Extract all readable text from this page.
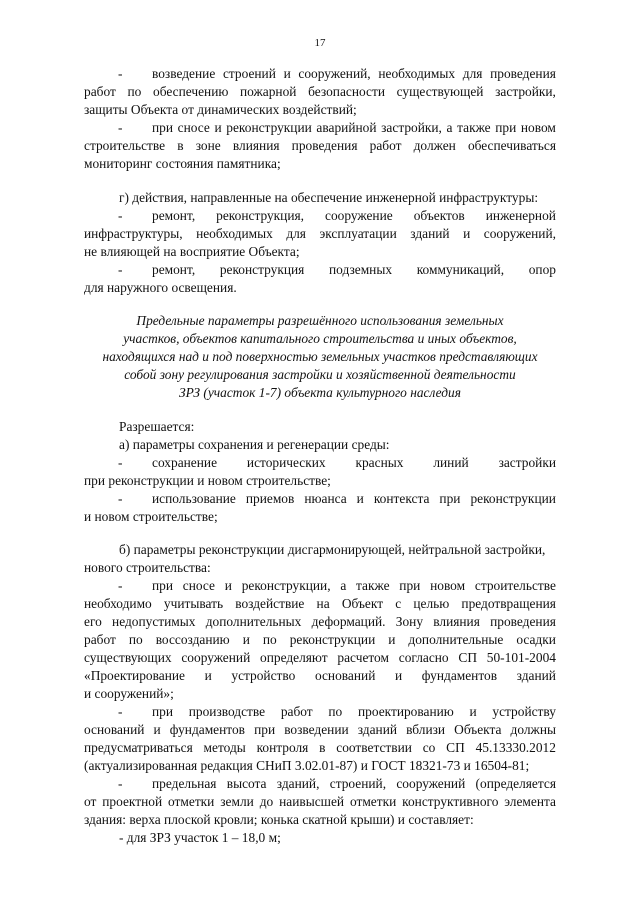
17
- возведение строений и сооружений, необходимых для проведения
работ по обеспечению пожарной безопасности существующей застройки,
защиты Объекта от динамических воздействий;
- при сносе и реконструкции аварийной застройки, а также при новом
строительстве в зоне влияния проведения работ должен обеспечиваться
мониторинг состояния памятника;
г) действия, направленные на обеспечение инженерной инфраструктуры:
- ремонт, реконструкция, сооружение объектов инженерной
инфраструктуры, необходимых для эксплуатации зданий и сооружений,
не влияющей на восприятие Объекта;
- ремонт, реконструкция подземных коммуникаций, опор
для наружного освещения.
Предельные параметры разрешённого использования земельных
участков, объектов капитального строительства и иных объектов,
находящихся над и под поверхностью земельных участков представляющих
собой зону регулирования застройки и хозяйственной деятельности
ЗРЗ (участок 1-7) объекта культурного наследия
Разрешается:
а) параметры сохранения и регенерации среды:
- сохранение исторических красных линий застройки
при реконструкции и новом строительстве;
- использование приемов нюанса и контекста при реконструкции
и новом строительстве;
б) параметры реконструкции дисгармонирующей, нейтральной застройки,
нового строительства:
- при сносе и реконструкции, а также при новом строительстве
необходимо учитывать воздействие на Объект с целью предотвращения
его недопустимых дополнительных деформаций. Зону влияния проведения
работ по воссозданию и по реконструкции и дополнительные осадки
существующих сооружений определяют расчетом согласно СП 50-101-2004
«Проектирование и устройство оснований и фундаментов зданий
и сооружений»;
- при производстве работ по проектированию и устройству
оснований и фундаментов при возведении зданий вблизи Объекта должны
предусматриваться методы контроля в соответствии со СП 45.13330.2012
(актуализированная редакция СНиП 3.02.01-87) и ГОСТ 18321-73 и 16504-81;
- предельная высота зданий, строений, сооружений (определяется
от проектной отметки земли до наивысшей отметки конструктивного элемента
здания: верха плоской кровли; конька скатной крыши) и составляет:
- для ЗРЗ участок 1 – 18,0 м;
